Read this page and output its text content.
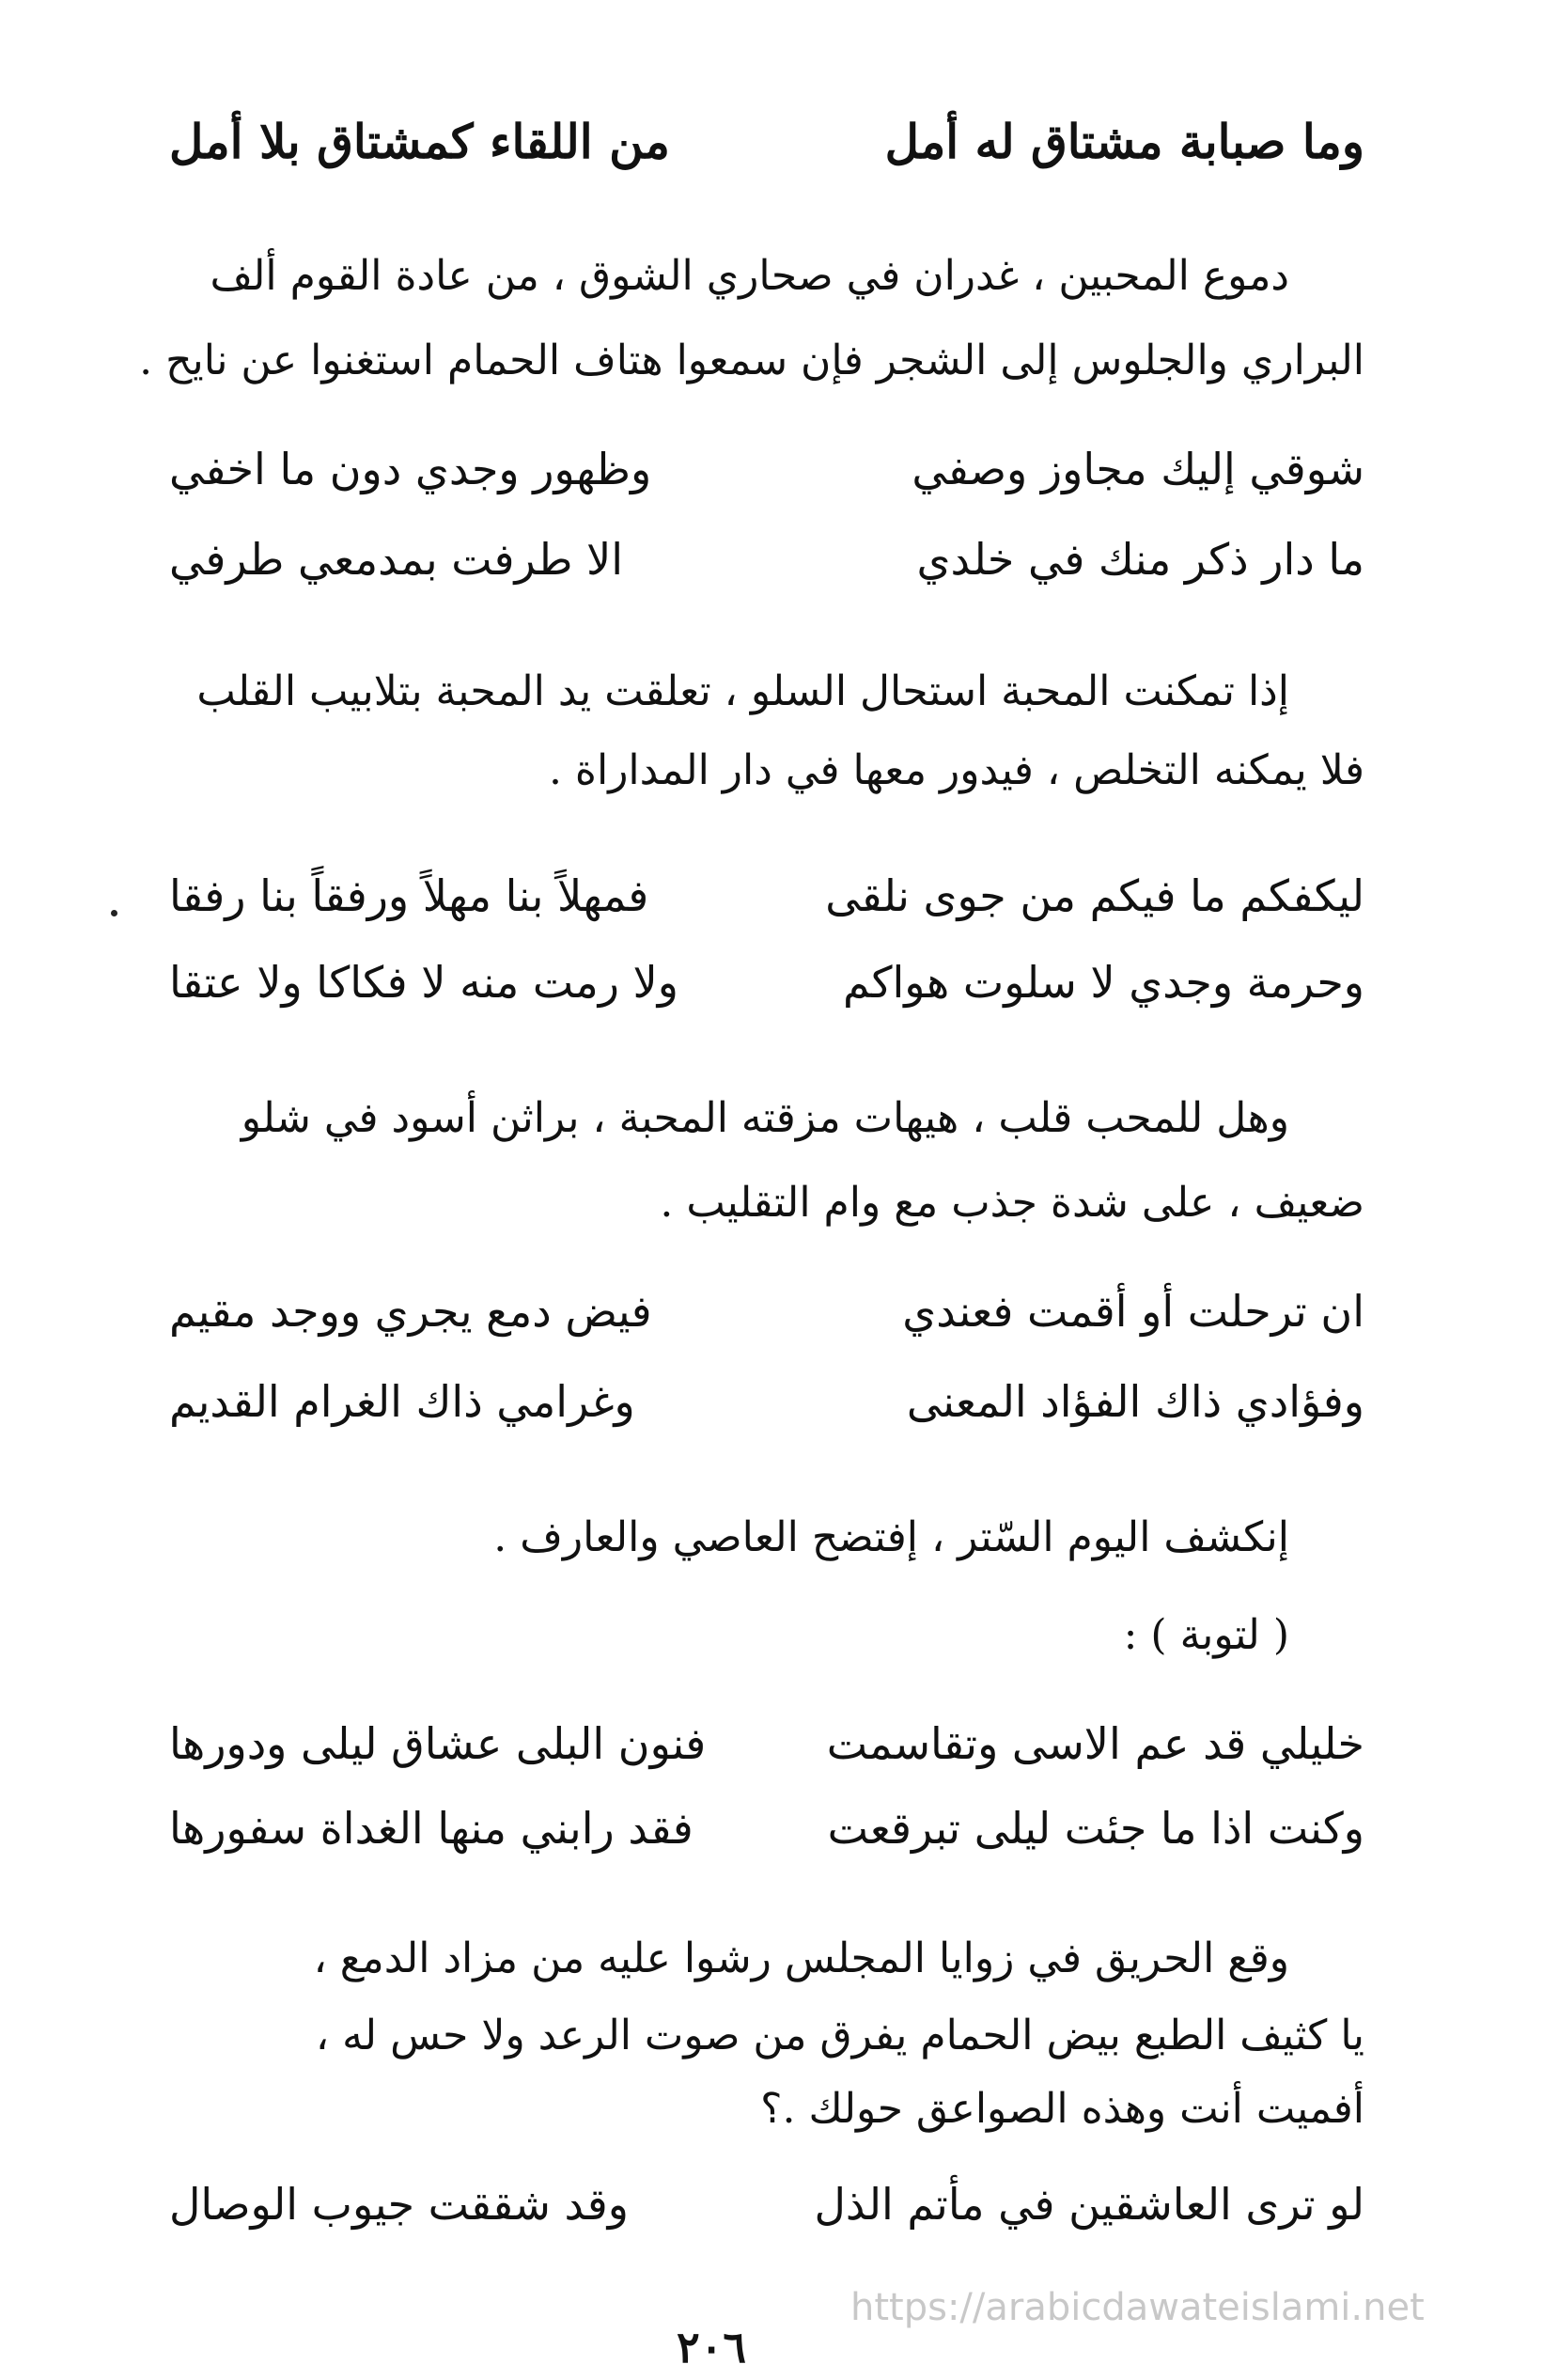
وما صبابة مشتاق له أمل
من اللقاء كمشتاق بلا أمل
دموع المحبين ، غدران في صحاري الشوق ، من عادة القوم ألف
البراري والجلوس إلى الشجر فإن سمعوا هتاف الحمام استغنوا عن نايح .
شوقي إليك مجاوز وصفي
وظهور وجدي دون ما اخفي
ما دار ذكر منك في خلدي
الا طرفت بمدمعي طرفي
إذا تمكنت المحبة استحال السلو ، تعلقت يد المحبة بتلابيب القلب
فلا يمكنه التخلص ، فيدور معها في دار المداراة .
ليكفكم ما فيكم من جوى نلقى
فمهلاً بنا مهلاً ورفقاً بنا رفقا
وحرمة وجدي لا سلوت هواكم
ولا رمت منه لا فكاكا ولا عتقا
وهل للمحب قلب ، هيهات مزقته المحبة ، براثن أسود في شلو
ضعيف ، على شدة جذب مع وام التقليب .
ان ترحلت أو أقمت فعندي
فيض دمع يجري ووجد مقيم
وفؤادي ذاك الفؤاد المعنى
وغرامي ذاك الغرام القديم
إنكشف اليوم السّتر ، إفتضح العاصي والعارف .
( لتوبة ) :
خليلي قد عم الاسى وتقاسمت
فنون البلى عشاق ليلى ودورها
وكنت اذا ما جئت ليلى تبرقعت
فقد رابني منها الغداة سفورها
وقع الحريق في زوايا المجلس رشوا عليه من مزاد الدمع ،
يا كثيف الطبع بيض الحمام يفرق من صوت الرعد ولا حس له ،
أفميت أنت وهذه الصواعق حولك .؟
لو ترى العاشقين في مأتم الذل
وقد شققت جيوب الوصال
https://arabicdawateislami.net
٢٠٦
